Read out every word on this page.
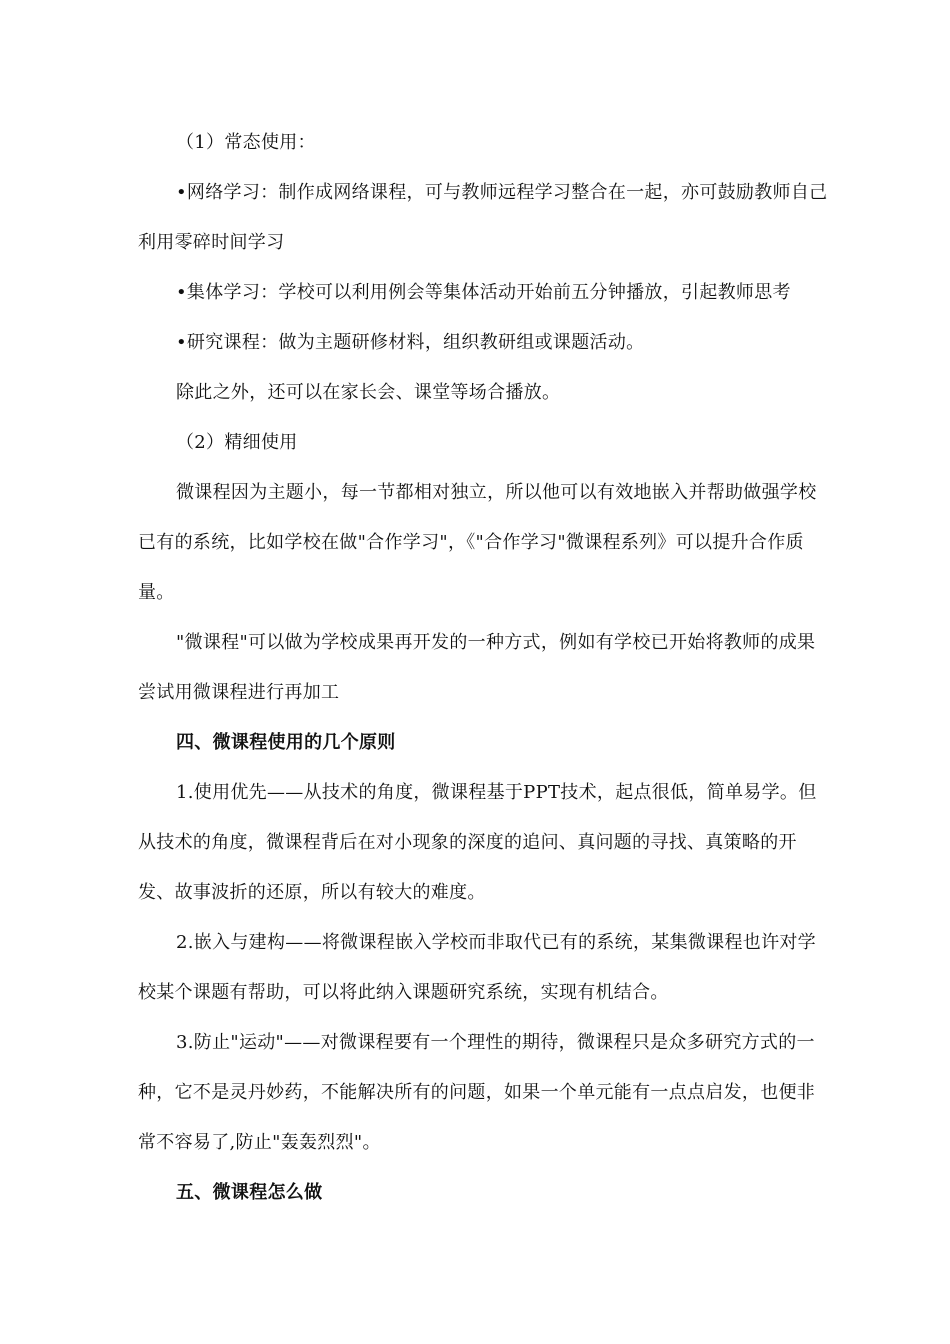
（1）常态使用：

•网络学习：制作成网络课程，可与教师远程学习整合在一起，亦可鼓励教师自己利用零碎时间学习

•集体学习：学校可以利用例会等集体活动开始前五分钟播放，引起教师思考

•研究课程：做为主题研修材料，组织教研组或课题活动。

除此之外，还可以在家长会、课堂等场合播放。

（2）精细使用

微课程因为主题小，每一节都相对独立，所以他可以有效地嵌入并帮助做强学校已有的系统，比如学校在做"合作学习"，《"合作学习"微课程系列》可以提升合作质量。

"微课程"可以做为学校成果再开发的一种方式，例如有学校已开始将教师的成果尝试用微课程进行再加工

四、微课程使用的几个原则

1.使用优先——从技术的角度，微课程基于PPT技术，起点很低，简单易学。但从技术的角度，微课程背后在对小现象的深度的追问、真问题的寻找、真策略的开发、故事波折的还原，所以有较大的难度。

2.嵌入与建构——将微课程嵌入学校而非取代已有的系统，某集微课程也许对学校某个课题有帮助，可以将此纳入课题研究系统，实现有机结合。

3.防止"运动"——对微课程要有一个理性的期待，微课程只是众多研究方式的一种，它不是灵丹妙药，不能解决所有的问题，如果一个单元能有一点点启发，也便非常不容易了,防止"轰轰烈烈"。

五、微课程怎么做
